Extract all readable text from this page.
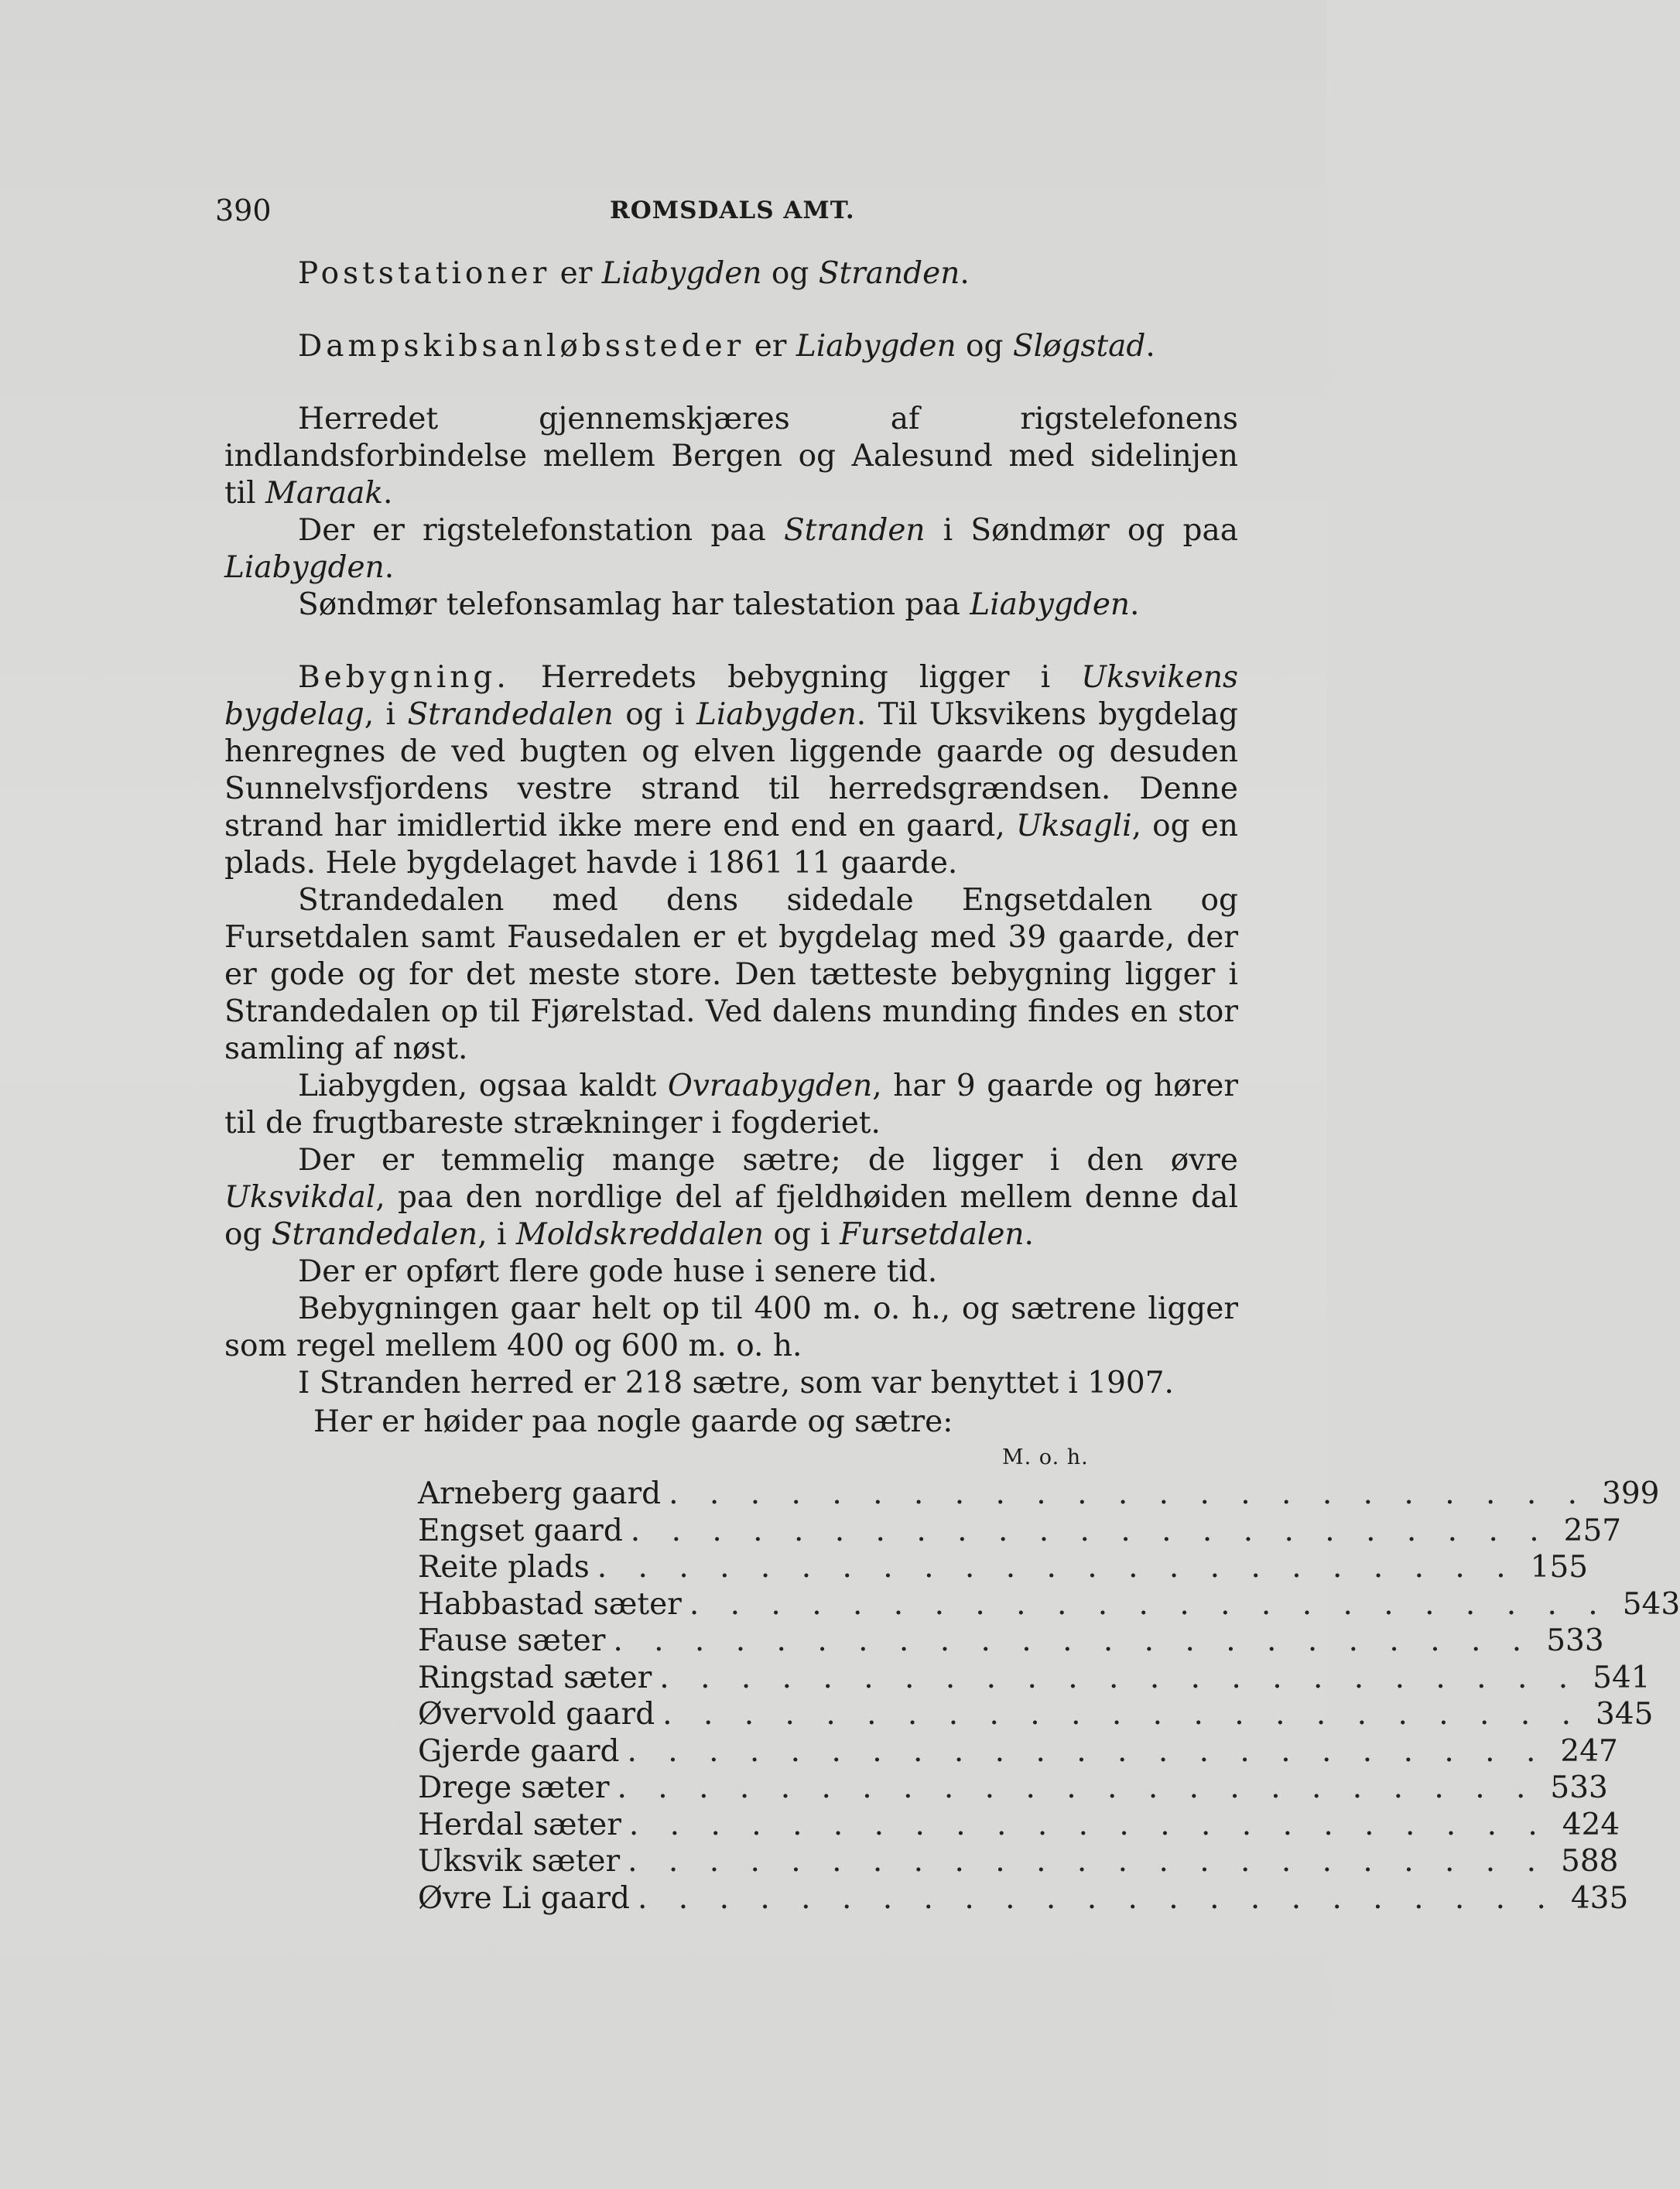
390	ROMSDALS AMT.

Poststationer er Liabygden og Stranden.

Dampskibsanløbssteder er Liabygden og Sløgstad.

Herredet gjennemskjæres af rigstelefonens indlandsforbindelse mellem Bergen og Aalesund med sidelinjen til Maraak.

Der er rigstelefonstation paa Stranden i Søndmør og paa Liabygden.

Søndmør telefonsamlag har talestation paa Liabygden.

Bebygning. Herredets bebygning ligger i Uksvikens bygdelag, i Strandedalen og i Liabygden. Til Uksvikens bygdelag henregnes de ved bugten og elven liggende gaarde og desuden Sunnelvsfjordens vestre strand til herredsgrændsen. Denne strand har imidlertid ikke mere end end en gaard, Uksagli, og en plads. Hele bygdelaget havde i 1861 11 gaarde.

Strandedalen med dens sidedale Engsetdalen og Fursetdalen samt Fausedalen er et bygdelag med 39 gaarde, der er gode og for det meste store. Den tætteste bebygning ligger i Strandedalen op til Fjørelstad. Ved dalens munding findes en stor samling af nøst.

Liabygden, ogsaa kaldt Ovraabygden, har 9 gaarde og hører til de frugtbareste strækninger i fogderiet.

Der er temmelig mange sætre; de ligger i den øvre Uksvikdal, paa den nordlige del af fjeldhøiden mellem denne dal og Strandedalen, i Moldskreddalen og i Fursetdalen.

Der er opført flere gode huse i senere tid.

Bebygningen gaar helt op til 400 m. o. h., og sætrene ligger som regel mellem 400 og 600 m. o. h.

I Stranden herred er 218 sætre, som var benyttet i 1907.

Her er høider paa nogle gaarde og sætre:
M. o. h.
Arneberg gaard . . . . . . . . . . . . . . . . . . . . . . . 399
Engset gaard . . . . . . . . . . . . . . . . . . . . . . . 257
Reite plads . . . . . . . . . . . . . . . . . . . . . . . 155
Habbastad sæter . . . . . . . . . . . . . . . . . . . . . . . 543
Fause sæter . . . . . . . . . . . . . . . . . . . . . . . 533
Ringstad sæter . . . . . . . . . . . . . . . . . . . . . . . 541
Øvervold gaard . . . . . . . . . . . . . . . . . . . . . . . 345
Gjerde gaard . . . . . . . . . . . . . . . . . . . . . . . 247
Drege sæter . . . . . . . . . . . . . . . . . . . . . . . 533
Herdal sæter . . . . . . . . . . . . . . . . . . . . . . . 424
Uksvik sæter . . . . . . . . . . . . . . . . . . . . . . . 588
Øvre Li gaard . . . . . . . . . . . . . . . . . . . . . . . 435
